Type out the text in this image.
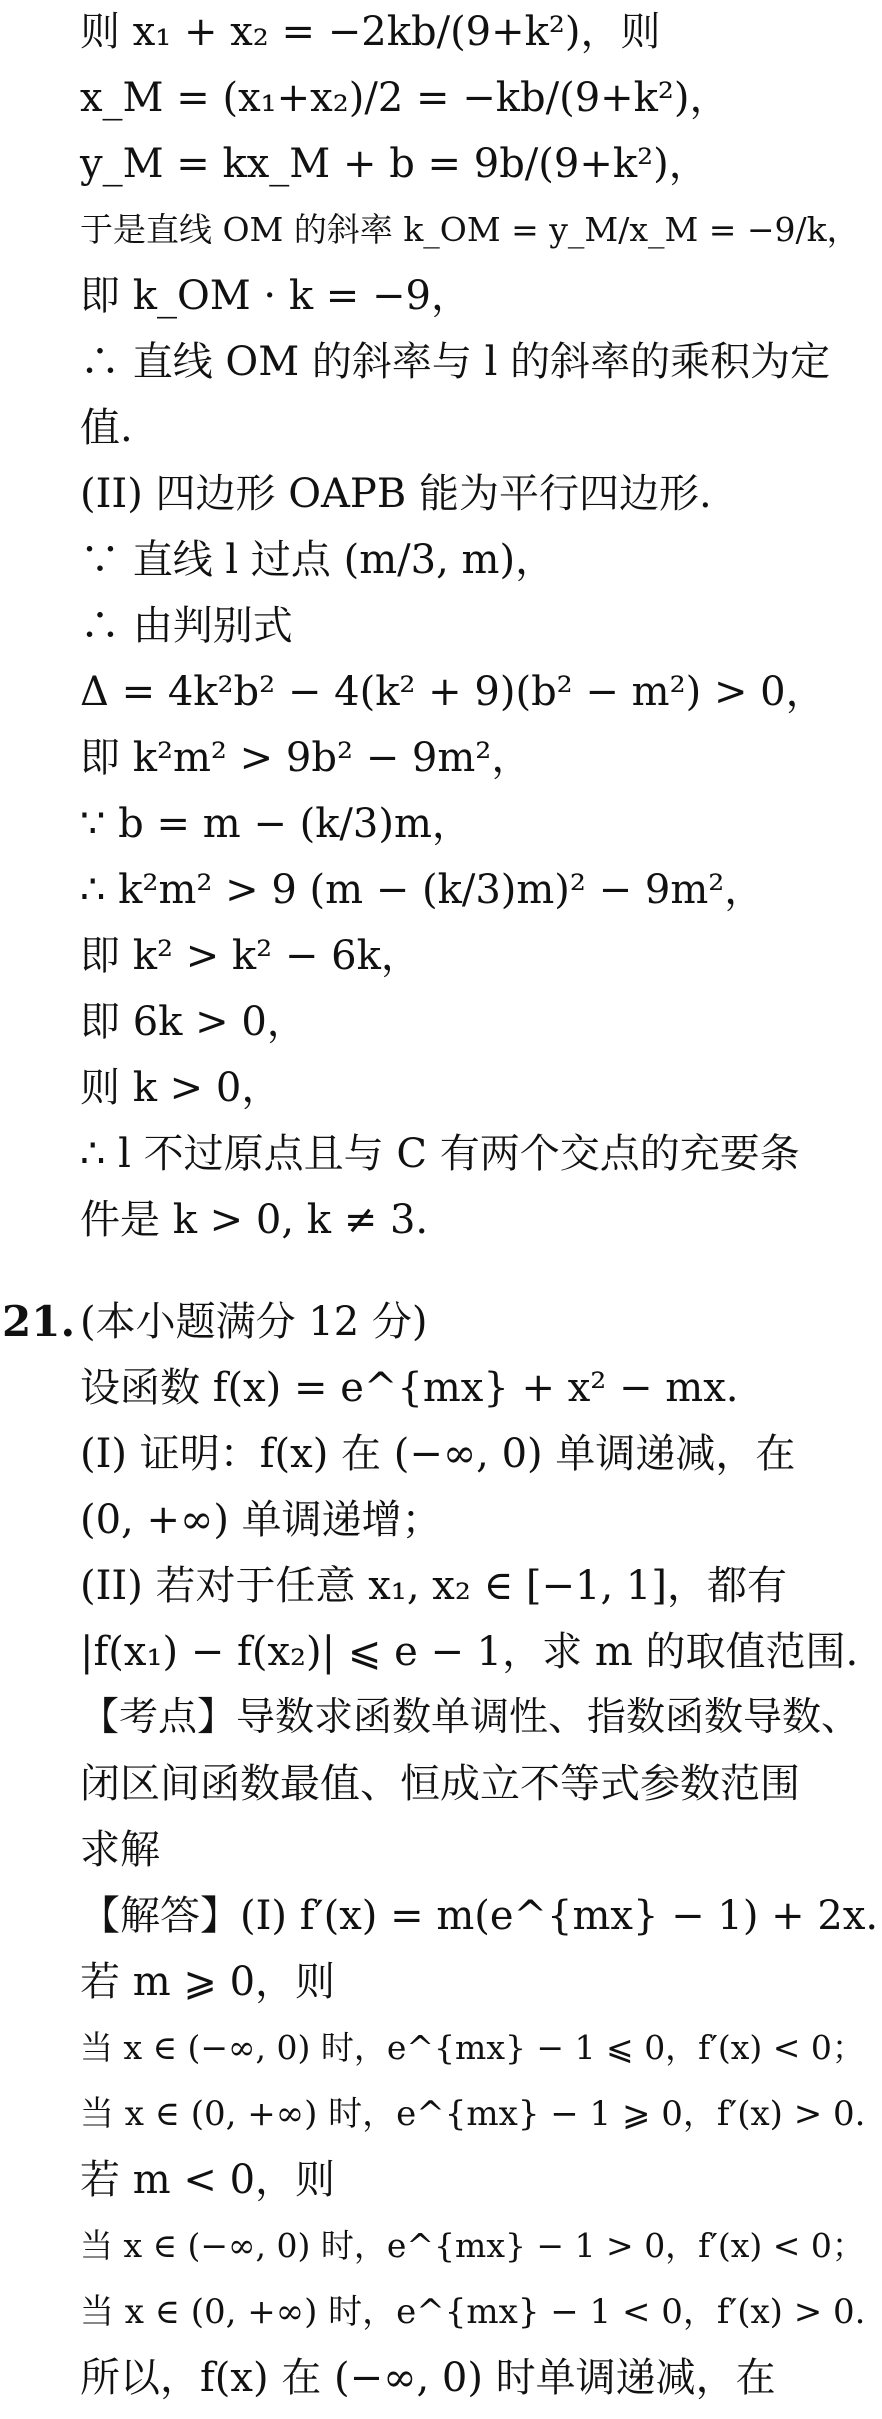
则 x₁ + x₂ = −2kb/(9+k²)，则
x_M = (x₁+x₂)/2 = −kb/(9+k²)，
y_M = kx_M + b = 9b/(9+k²)，
于是直线 OM 的斜率 k_OM = y_M/x_M = −9/k，
即 k_OM · k = −9，
∴ 直线 OM 的斜率与 l 的斜率的乘积为定
值.
(II) 四边形 OAPB 能为平行四边形.
∵ 直线 l 过点 (m/3, m)，
∴ 由判别式
Δ = 4k²b² − 4(k² + 9)(b² − m²) > 0，
即 k²m² > 9b² − 9m²，
∵ b = m − (k/3)m，
∴ k²m² > 9 (m − (k/3)m)² − 9m²，
即 k² > k² − 6k，
即 6k > 0，
则 k > 0，
∴ l 不过原点且与 C 有两个交点的充要条
件是 k > 0, k ≠ 3.
21. (本小题满分 12 分)
设函数 f(x) = e^{mx} + x² − mx.
(I) 证明：f(x) 在 (−∞, 0) 单调递减，在
(0, +∞) 单调递增；
(II) 若对于任意 x₁, x₂ ∈ [−1, 1]，都有
|f(x₁) − f(x₂)| ⩽ e − 1，求 m 的取值范围.
【考点】导数求函数单调性、指数函数导数、
闭区间函数最值、恒成立不等式参数范围
求解
【解答】(I) f′(x) = m(e^{mx} − 1) + 2x.
若 m ⩾ 0，则
当 x ∈ (−∞, 0) 时，e^{mx} − 1 ⩽ 0，f′(x) < 0；
当 x ∈ (0, +∞) 时，e^{mx} − 1 ⩾ 0，f′(x) > 0.
若 m < 0，则
当 x ∈ (−∞, 0) 时，e^{mx} − 1 > 0，f′(x) < 0；
当 x ∈ (0, +∞) 时，e^{mx} − 1 < 0，f′(x) > 0.
所以，f(x) 在 (−∞, 0) 时单调递减，在
